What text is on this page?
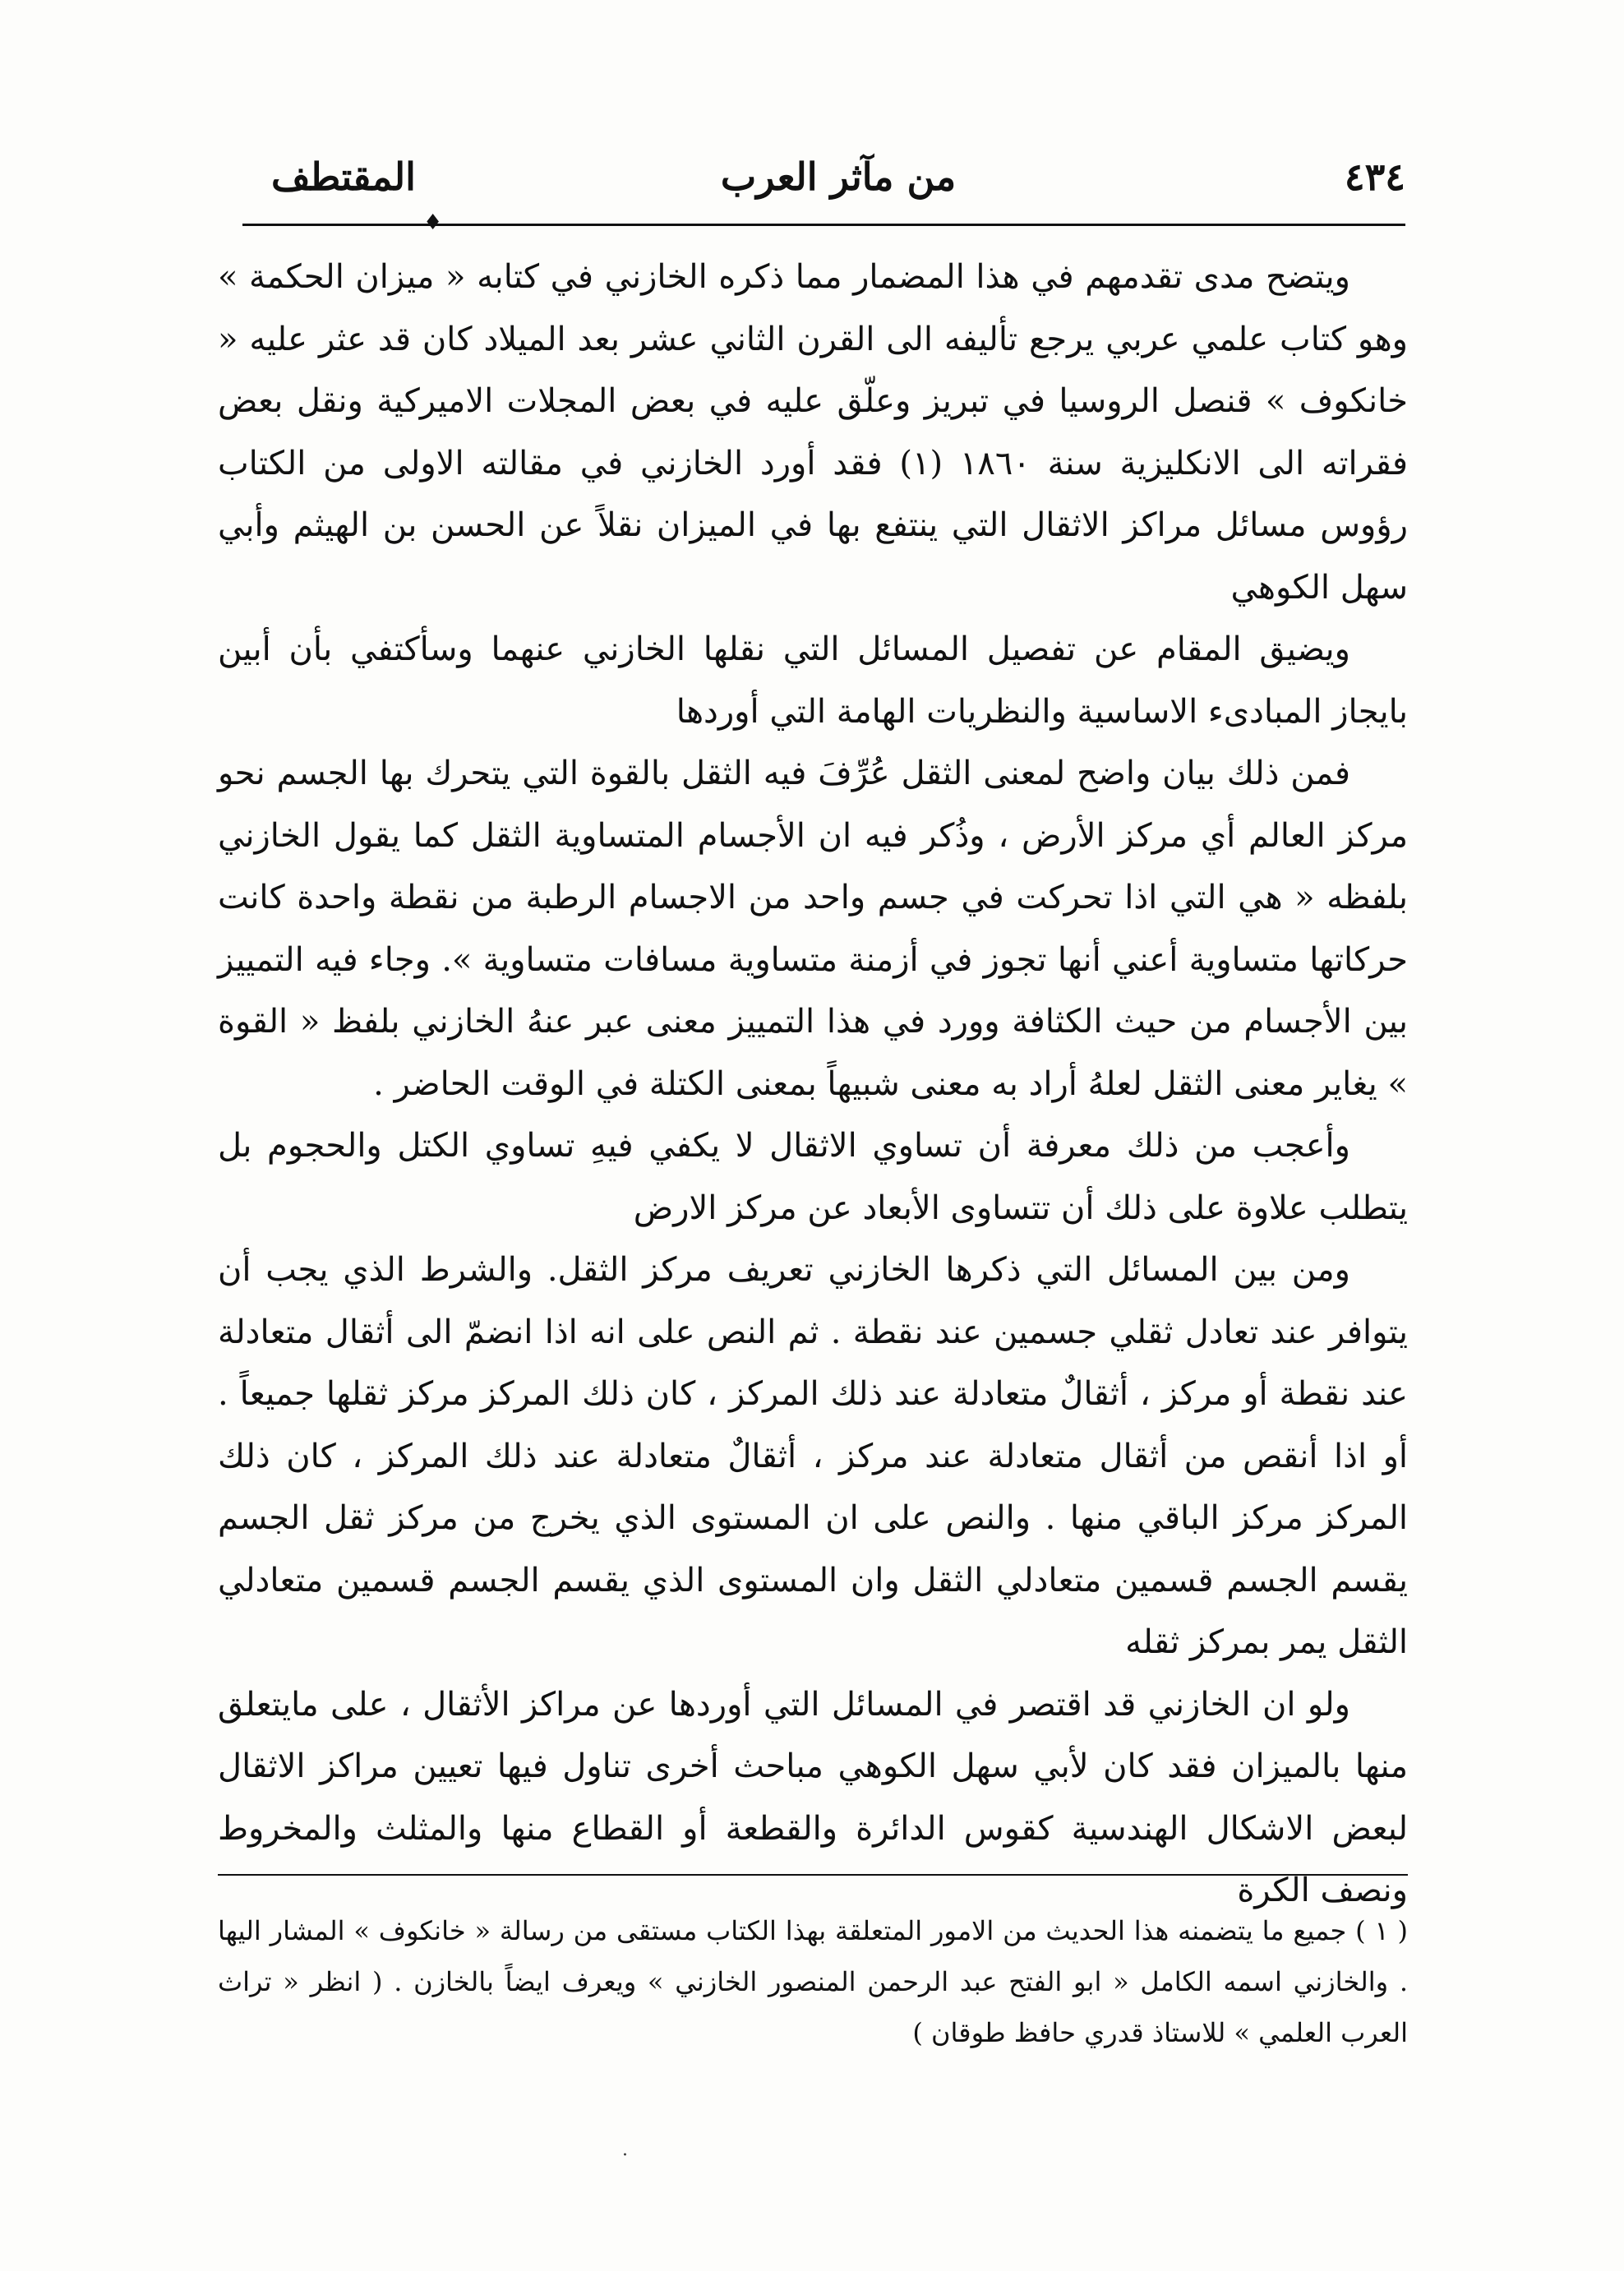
٤٣٤
من مآثر العرب
المقتطف
♦

ويتضح مدى تقدمهم في هذا المضمار مما ذكره الخازني في كتابه « ميزان الحكمة » وهو كتاب علمي عربي يرجع تأليفه الى القرن الثاني عشر بعد الميلاد كان قد عثر عليه « خانكوف » قنصل الروسيا في تبريز وعلّق عليه في بعض المجلات الاميركية ونقل بعض فقراته الى الانكليزية سنة ١٨٦٠ (١) فقد أورد الخازني في مقالته الاولى من الكتاب رؤوس مسائل مراكز الاثقال التي ينتفع بها في الميزان نقلاً عن الحسن بن الهيثم وأبي سهل الكوهي

ويضيق المقام عن تفصيل المسائل التي نقلها الخازني عنهما وسأكتفي بأن أبين بايجاز المبادىء الاساسية والنظريات الهامة التي أوردها

فمن ذلك بيان واضح لمعنى الثقل عُرِّفَ فيه الثقل بالقوة التي يتحرك بها الجسم نحو مركز العالم أي مركز الأرض ، وذُكر فيه ان الأجسام المتساوية الثقل كما يقول الخازني بلفظه « هي التي اذا تحركت في جسم واحد من الاجسام الرطبة من نقطة واحدة كانت حركاتها متساوية أعني أنها تجوز في أزمنة متساوية مسافات متساوية ». وجاء فيه التمييز بين الأجسام من حيث الكثافة وورد في هذا التمييز معنى عبر عنهُ الخازني بلفظ « القوة » يغاير معنى الثقل لعلهُ أراد به معنى شبيهاً بمعنى الكتلة في الوقت الحاضر .

وأعجب من ذلك معرفة أن تساوي الاثقال لا يكفي فيهِ تساوي الكتل والحجوم بل يتطلب علاوة على ذلك أن تتساوى الأبعاد عن مركز الارض

ومن بين المسائل التي ذكرها الخازني تعريف مركز الثقل. والشرط الذي يجب أن يتوافر عند تعادل ثقلي جسمين عند نقطة . ثم النص على انه اذا انضمّ الى أثقال متعادلة عند نقطة أو مركز ، أثقالٌ متعادلة عند ذلك المركز ، كان ذلك المركز مركز ثقلها جميعاً . أو اذا أنقص من أثقال متعادلة عند مركز ، أثقالٌ متعادلة عند ذلك المركز ، كان ذلك المركز مركز الباقي منها . والنص على ان المستوى الذي يخرج من مركز ثقل الجسم يقسم الجسم قسمين متعادلي الثقل وان المستوى الذي يقسم الجسم قسمين متعادلي الثقل يمر بمركز ثقله

ولو ان الخازني قد اقتصر في المسائل التي أوردها عن مراكز الأثقال ، على مايتعلق منها بالميزان فقد كان لأبي سهل الكوهي مباحث أخرى تناول فيها تعيين مراكز الاثقال لبعض الاشكال الهندسية كقوس الدائرة والقطعة أو القطاع منها والمثلث والمخروط ونصف الكرة

( ١ ) جميع ما يتضمنه هذا الحديث من الامور المتعلقة بهذا الكتاب مستقى من رسالة « خانكوف » المشار اليها . والخازني اسمه الكامل « ابو الفتح عبد الرحمن المنصور الخازني » ويعرف ايضاً بالخازن . ( انظر « تراث العرب العلمي » للاستاذ قدري حافظ طوقان )

·
